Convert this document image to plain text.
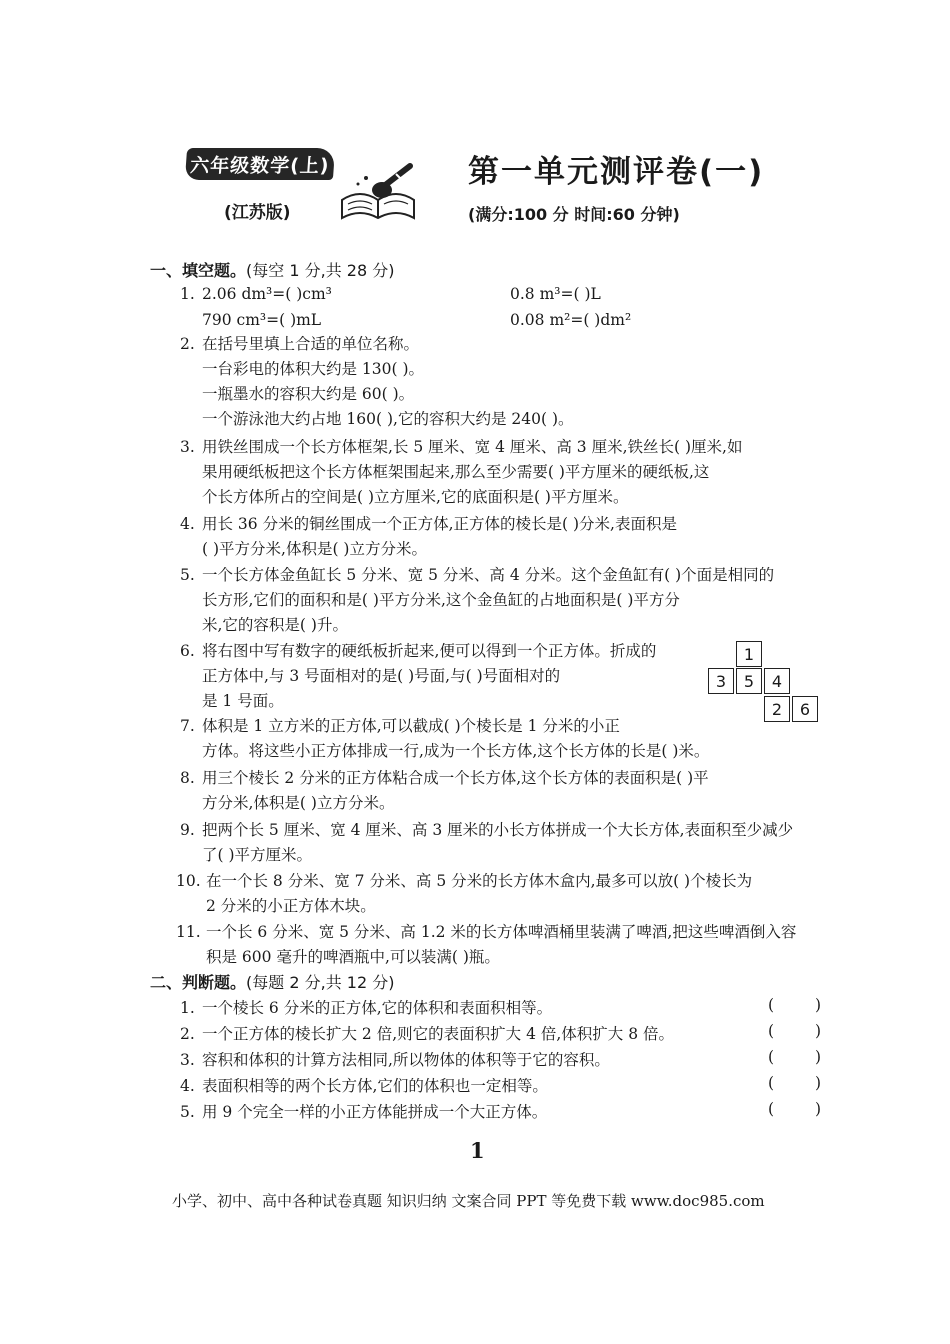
六年级数学(上)
(江苏版)
第一单元测评卷(一)
(满分:100 分 时间:60 分钟)
一、填空题。(每空 1 分,共 28 分)
1. 2.06 dm³=( )cm³	0.8 m³=( )L
790 cm³=( )mL	0.08 m²=( )dm²
2. 在括号里填上合适的单位名称。
一台彩电的体积大约是 130( )。
一瓶墨水的容积大约是 60( )。
一个游泳池大约占地 160( ),它的容积大约是 240( )。
3. 用铁丝围成一个长方体框架,长 5 厘米、宽 4 厘米、高 3 厘米,铁丝长( )厘米,如
果用硬纸板把这个长方体框架围起来,那么至少需要( )平方厘米的硬纸板,这
个长方体所占的空间是( )立方厘米,它的底面积是( )平方厘米。
4. 用长 36 分米的铜丝围成一个正方体,正方体的棱长是( )分米,表面积是
( )平方分米,体积是( )立方分米。
5. 一个长方体金鱼缸长 5 分米、宽 5 分米、高 4 分米。这个金鱼缸有( )个面是相同的
长方形,它们的面积和是( )平方分米,这个金鱼缸的占地面积是( )平方分
米,它的容积是( )升。
6. 将右图中写有数字的硬纸板折起来,便可以得到一个正方体。折成的
正方体中,与 3 号面相对的是( )号面,与( )号面相对的
是 1 号面。
1
3	5	4
2	6
7. 体积是 1 立方米的正方体,可以截成( )个棱长是 1 分米的小正
方体。将这些小正方体排成一行,成为一个长方体,这个长方体的长是( )米。
8. 用三个棱长 2 分米的正方体粘合成一个长方体,这个长方体的表面积是( )平
方分米,体积是( )立方分米。
9. 把两个长 5 厘米、宽 4 厘米、高 3 厘米的小长方体拼成一个大长方体,表面积至少减少
了( )平方厘米。
10. 在一个长 8 分米、宽 7 分米、高 5 分米的长方体木盒内,最多可以放( )个棱长为
2 分米的小正方体木块。
11. 一个长 6 分米、宽 5 分米、高 1.2 米的长方体啤酒桶里装满了啤酒,把这些啤酒倒入容
积是 600 毫升的啤酒瓶中,可以装满( )瓶。
二、判断题。(每题 2 分,共 12 分)
1. 一个棱长 6 分米的正方体,它的体积和表面积相等。	( )
2. 一个正方体的棱长扩大 2 倍,则它的表面积扩大 4 倍,体积扩大 8 倍。	( )
3. 容积和体积的计算方法相同,所以物体的体积等于它的容积。	( )
4. 表面积相等的两个长方体,它们的体积也一定相等。	( )
5. 用 9 个完全一样的小正方体能拼成一个大正方体。	( )
1
小学、初中、高中各种试卷真题 知识归纳 文案合同 PPT 等免费下载 www.doc985.com
